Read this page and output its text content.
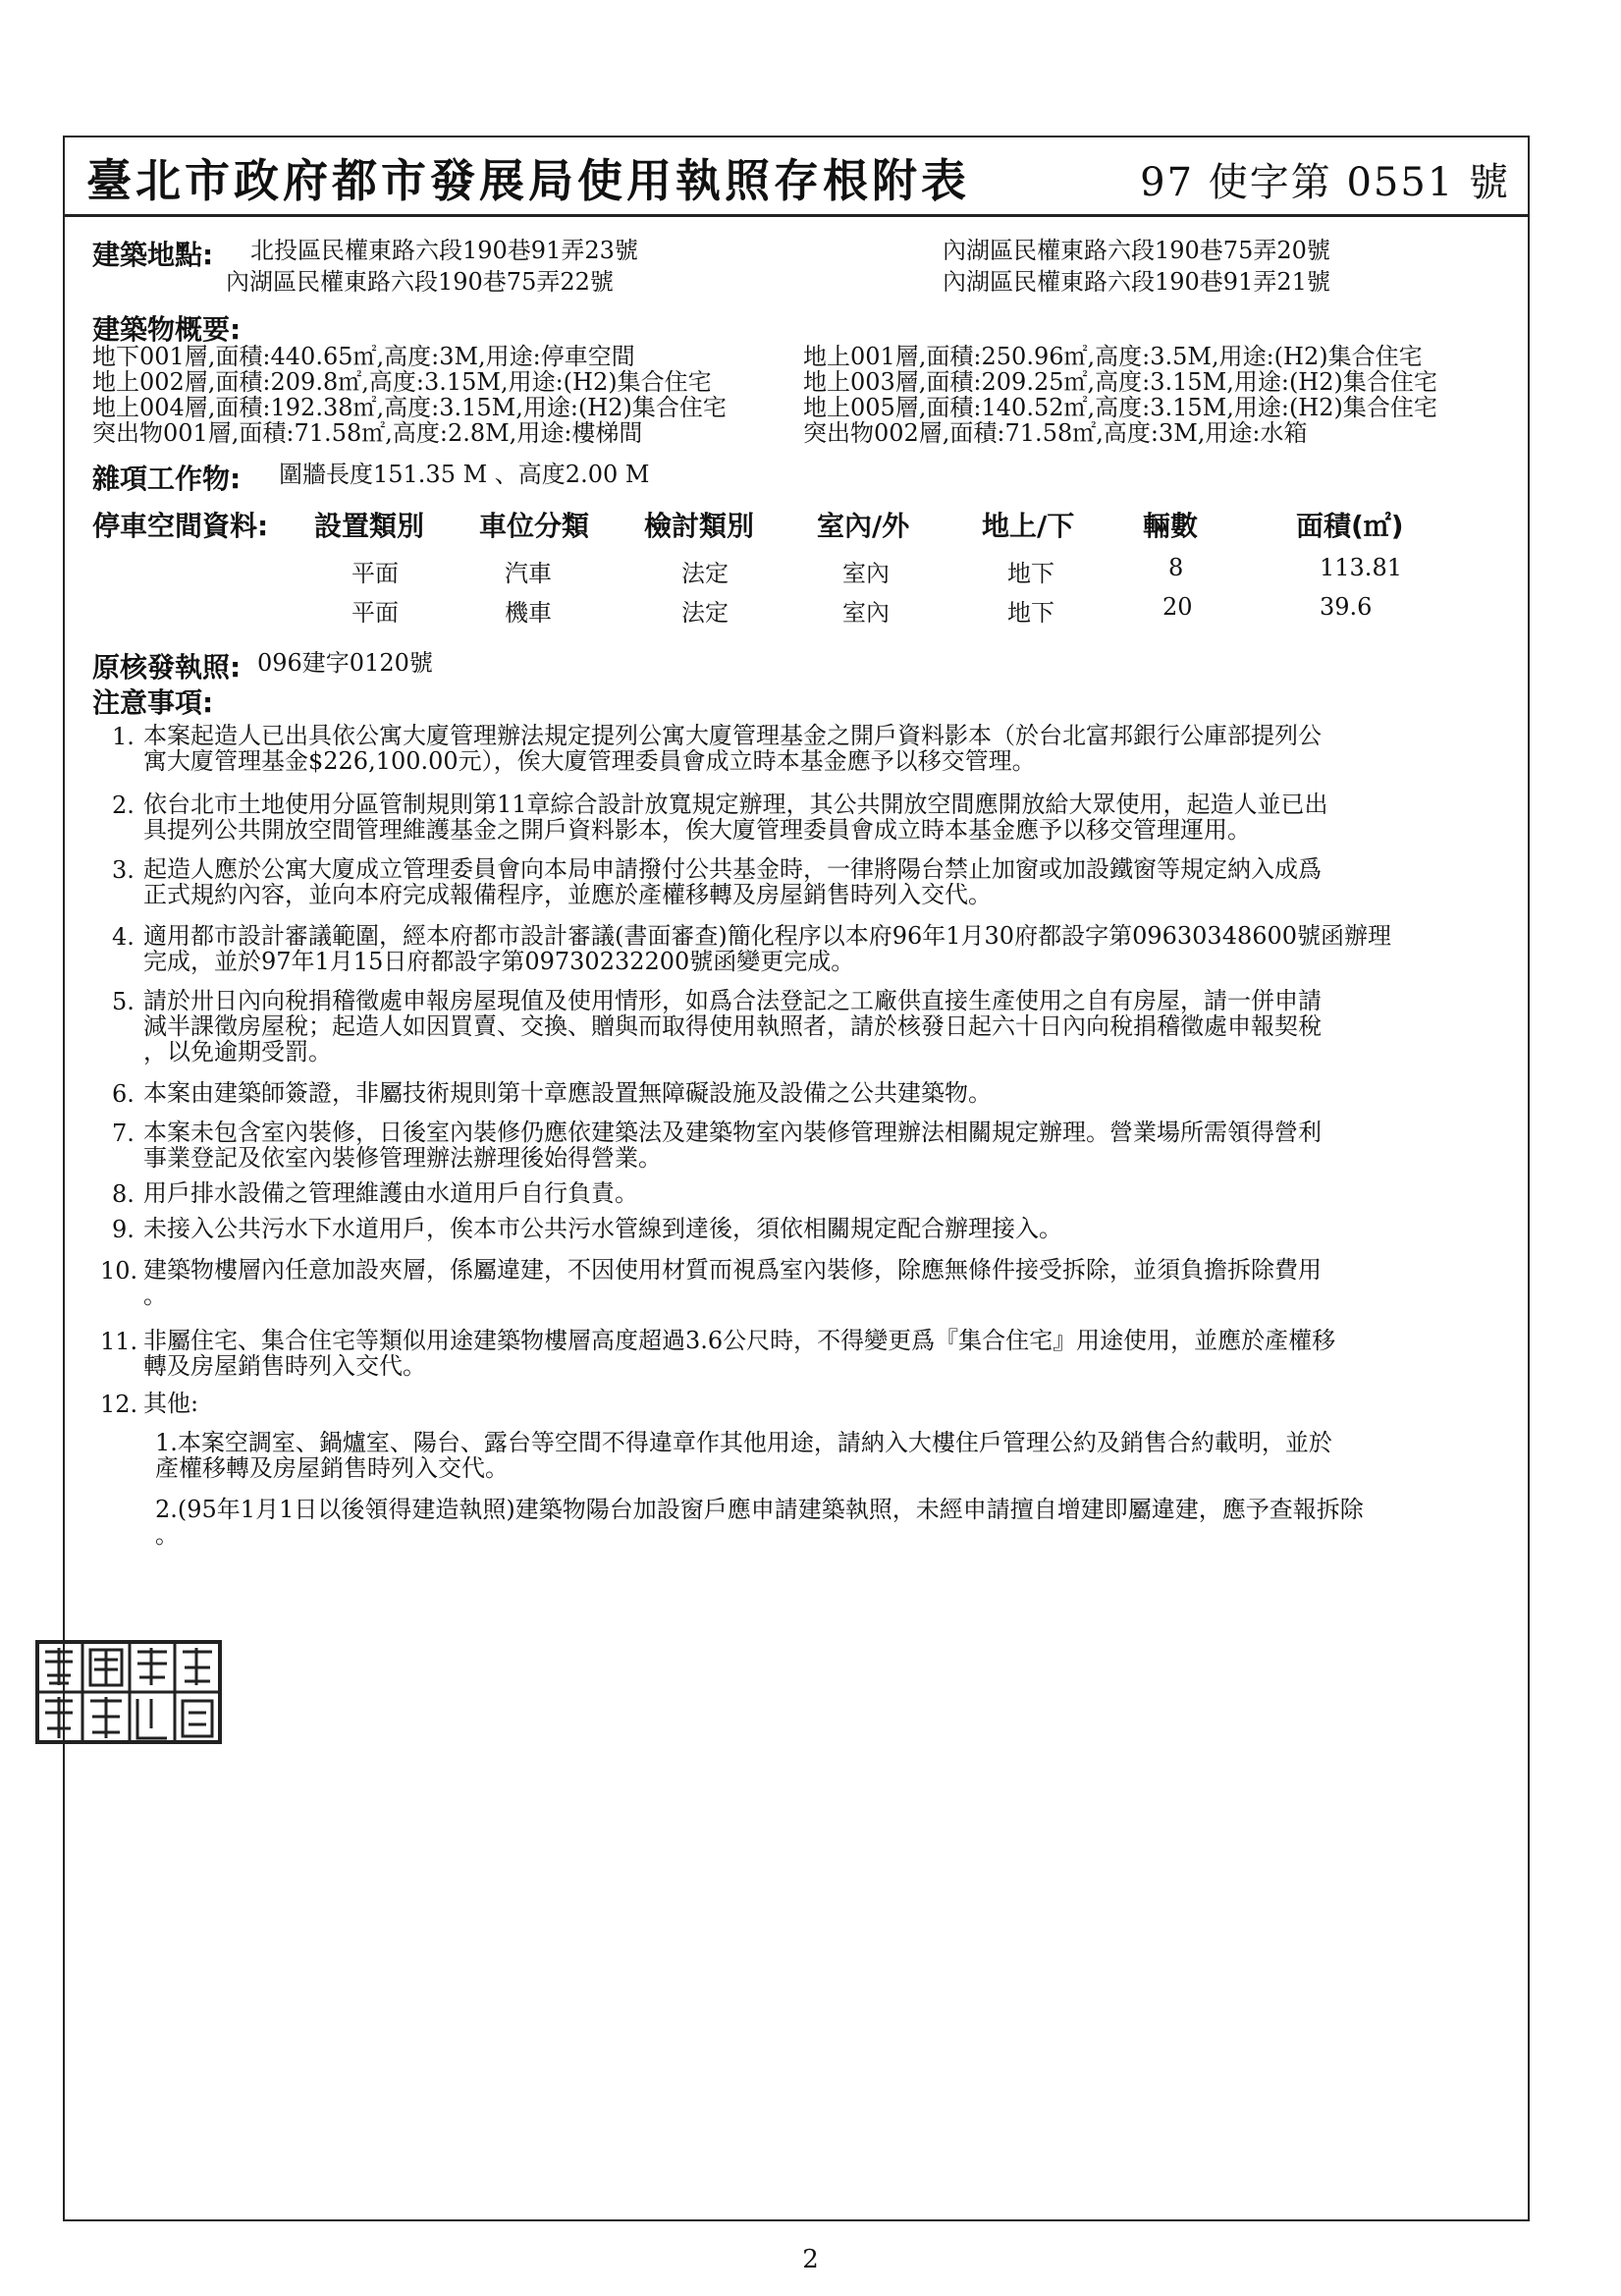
臺北市政府都市發展局使用執照存根附表	97 使字第 0551 號
建築地點: 北投區民權東路六段190巷91弄23號
內湖區民權東路六段190巷75弄22號
內湖區民權東路六段190巷75弄20號
內湖區民權東路六段190巷91弄21號
建築物概要:
地下001層,面積:440.65㎡,高度:3M,用途:停車空間
地上002層,面積:209.8㎡,高度:3.15M,用途:(H2)集合住宅
地上004層,面積:192.38㎡,高度:3.15M,用途:(H2)集合住宅
突出物001層,面積:71.58㎡,高度:2.8M,用途:樓梯間
地上001層,面積:250.96㎡,高度:3.5M,用途:(H2)集合住宅
地上003層,面積:209.25㎡,高度:3.15M,用途:(H2)集合住宅
地上005層,面積:140.52㎡,高度:3.15M,用途:(H2)集合住宅
突出物002層,面積:71.58㎡,高度:3M,用途:水箱
雜項工作物: 圍牆長度151.35 M 、高度2.00 M
停車空間資料: 設置類別 車位分類 檢討類別 室內/外	地上/下 輛數	面積(㎡)
平面	汽車	法定	室內	地下	8	113.81
平面	機車	法定	室內	地下	20	39.6
原核發執照: 096建字0120號
注意事項:
1. 本案起造人已出具依公寓大廈管理辦法規定提列公寓大廈管理基金之開戶資料影本（於台北富邦銀行公庫部提列公
寓大廈管理基金$226,100.00元），俟大廈管理委員會成立時本基金應予以移交管理。
2. 依台北市土地使用分區管制規則第11章綜合設計放寬規定辦理，其公共開放空間應開放給大眾使用，起造人並已出
具提列公共開放空間管理維護基金之開戶資料影本，俟大廈管理委員會成立時本基金應予以移交管理運用。
3. 起造人應於公寓大廈成立管理委員會向本局申請撥付公共基金時，一律將陽台禁止加窗或加設鐵窗等規定納入成爲
正式規約內容，並向本府完成報備程序，並應於產權移轉及房屋銷售時列入交代。
4. 適用都市設計審議範圍，經本府都市設計審議(書面審查)簡化程序以本府96年1月30府都設字第09630348600號函辦理
完成，並於97年1月15日府都設字第09730232200號函變更完成。
5. 請於卅日內向稅捐稽徵處申報房屋現值及使用情形，如爲合法登記之工廠供直接生產使用之自有房屋，請一併申請
減半課徵房屋稅；起造人如因買賣、交換、贈與而取得使用執照者，請於核發日起六十日內向稅捐稽徵處申報契稅
，以免逾期受罰。
6. 本案由建築師簽證，非屬技術規則第十章應設置無障礙設施及設備之公共建築物。
7. 本案未包含室內裝修，日後室內裝修仍應依建築法及建築物室內裝修管理辦法相關規定辦理。營業場所需領得營利
事業登記及依室內裝修管理辦法辦理後始得營業。
8. 用戶排水設備之管理維護由水道用戶自行負責。
9. 未接入公共污水下水道用戶，俟本市公共污水管線到達後，須依相關規定配合辦理接入。
10. 建築物樓層內任意加設夾層，係屬違建，不因使用材質而視爲室內裝修，除應無條件接受拆除，並須負擔拆除費用
。
11. 非屬住宅、集合住宅等類似用途建築物樓層高度超過3.6公尺時，不得變更爲『集合住宅』用途使用，並應於產權移
轉及房屋銷售時列入交代。
12. 其他:
1.本案空調室、鍋爐室、陽台、露台等空間不得違章作其他用途，請納入大樓住戶管理公約及銷售合約載明，並於
產權移轉及房屋銷售時列入交代。
2.(95年1月1日以後領得建造執照)建築物陽台加設窗戶應申請建築執照，未經申請擅自增建即屬違建，應予查報拆除
。
2
